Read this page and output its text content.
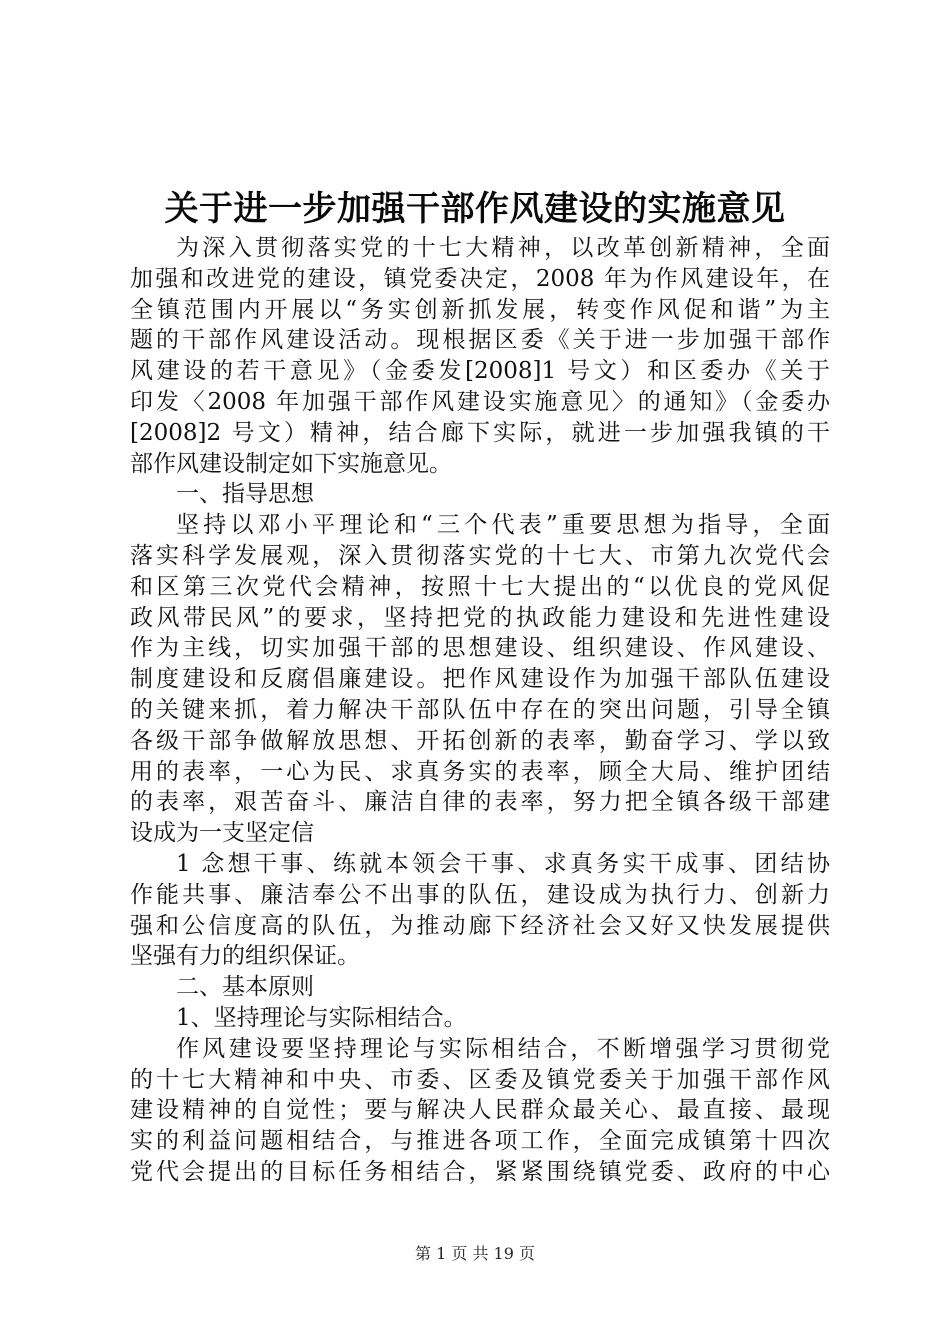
关于进一步加强干部作风建设的实施意见
为深入贯彻落实党的十七大精神，以改革创新精神，全面
加强和改进党的建设，镇党委决定，2008 年为作风建设年，在
全镇范围内开展以“务实创新抓发展，转变作风促和谐”为主
题的干部作风建设活动。现根据区委《关于进一步加强干部作
风建设的若干意见》（金委发[2008]1 号文）和区委办《关于
印发〈2008 年加强干部作风建设实施意见〉的通知》（金委办
[2008]2 号文）精神，结合廊下实际，就进一步加强我镇的干
部作风建设制定如下实施意见。
一、指导思想
坚持以邓小平理论和“三个代表”重要思想为指导，全面
落实科学发展观，深入贯彻落实党的十七大、市第九次党代会
和区第三次党代会精神，按照十七大提出的“以优良的党风促
政风带民风”的要求，坚持把党的执政能力建设和先进性建设
作为主线，切实加强干部的思想建设、组织建设、作风建设、
制度建设和反腐倡廉建设。把作风建设作为加强干部队伍建设
的关键来抓，着力解决干部队伍中存在的突出问题，引导全镇
各级干部争做解放思想、开拓创新的表率，勤奋学习、学以致
用的表率，一心为民、求真务实的表率，顾全大局、维护团结
的表率，艰苦奋斗、廉洁自律的表率，努力把全镇各级干部建
设成为一支坚定信
1 念想干事、练就本领会干事、求真务实干成事、团结协
作能共事、廉洁奉公不出事的队伍，建设成为执行力、创新力
强和公信度高的队伍，为推动廊下经济社会又好又快发展提供
坚强有力的组织保证。
二、基本原则
1、坚持理论与实际相结合。
作风建设要坚持理论与实际相结合，不断增强学习贯彻党
的十七大精神和中央、市委、区委及镇党委关于加强干部作风
建设精神的自觉性；要与解决人民群众最关心、最直接、最现
实的利益问题相结合，与推进各项工作，全面完成镇第十四次
党代会提出的目标任务相结合，紧紧围绕镇党委、政府的中心
第 1 页 共 19 页
